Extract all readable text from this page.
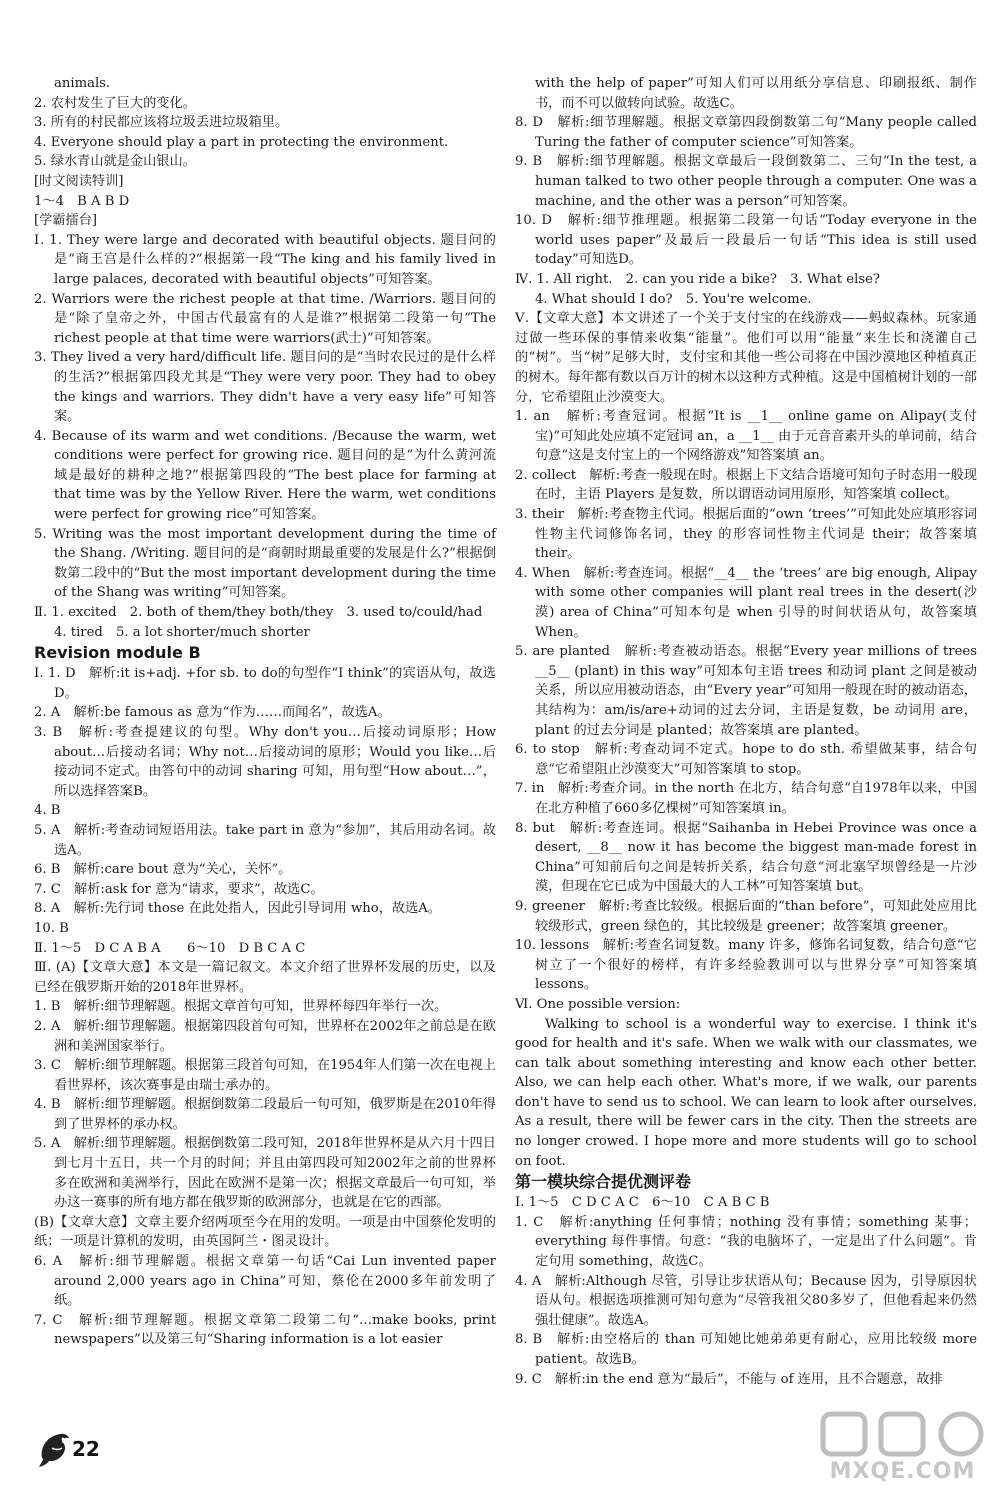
animals.

2. 农村发生了巨大的变化。

3. 所有的村民都应该将垃圾丢进垃圾箱里。

4. Everyone should play a part in protecting the environment.

5. 绿水青山就是金山银山。

[时文阅读特训]

1～4　B A B D

[学霸擂台]

Ⅰ. 1. They were large and decorated with beautiful objects. 题目问的是“商王宫是什么样的?”根据第一段“The king and his family lived in large palaces, decorated with beautiful objects”可知答案。

2. Warriors were the richest people at that time. /Warriors. 题目问的是“除了皇帝之外，中国古代最富有的人是谁?”根据第二段第一句“The richest people at that time were warriors(武士)”可知答案。

3. They lived a very hard/difficult life. 题目问的是“当时农民过的是什么样的生活?”根据第四段尤其是“They were very poor. They had to obey the kings and warriors. They didn't have a very easy life”可知答案。

4. Because of its warm and wet conditions. /Because the warm, wet conditions were perfect for growing rice. 题目问的是“为什么黄河流域是最好的耕种之地?”根据第四段的“The best place for farming at that time was by the Yellow River. Here the warm, wet conditions were perfect for growing rice”可知答案。

5. Writing was the most important development during the time of the Shang. /Writing. 题目问的是“商朝时期最重要的发展是什么?”根据倒数第二段中的“But the most important development during the time of the Shang was writing”可知答案。

Ⅱ. 1. excited　2. both of them/they both/they　3. used to/could/had

4. tired　5. a lot shorter/much shorter

Revision module B

Ⅰ. 1. D　解析:it is+adj. +for sb. to do的句型作“I think”的宾语从句，故选D。

2. A　解析:be famous as 意为“作为……而闻名”，故选A。

3. B　解析:考查提建议的句型。Why don't you…后接动词原形；How about…后接动名词；Why not…后接动词的原形；Would you like…后接动词不定式。由答句中的动词 sharing 可知，用句型“How about…”，所以选择答案B。

4. B

5. A　解析:考查动词短语用法。take part in 意为“参加”，其后用动名词。故选A。

6. B　解析:care bout 意为“关心，关怀”。

7. C　解析:ask for 意为“请求，要求”，故选C。

8. A　解析:先行词 those 在此处指人，因此引导词用 who，故选A。

10. B

Ⅱ. 1～5　D C A B A　　6～10　D B C A C

Ⅲ. (A)【文章大意】本文是一篇记叙文。本文介绍了世界杯发展的历史，以及已经在俄罗斯开始的2018年世界杯。

1. B　解析:细节理解题。根据文章首句可知，世界杯每四年举行一次。

2. A　解析:细节理解题。根据第四段首句可知，世界杯在2002年之前总是在欧洲和美洲国家举行。

3. C　解析:细节理解题。根据第三段首句可知，在1954年人们第一次在电视上看世界杯，该次赛事是由瑞士承办的。

4. B　解析:细节理解题。根据倒数第二段最后一句可知，俄罗斯是在2010年得到了世界杯的承办权。

5. A　解析:细节理解题。根据倒数第二段可知，2018年世界杯是从六月十四日到七月十五日，共一个月的时间；并且由第四段可知2002年之前的世界杯多在欧洲和美洲举行，因此在欧洲不是第一次；根据文章最后一句可知，举办这一赛事的所有地方都在俄罗斯的欧洲部分，也就是在它的西部。

(B)【文章大意】文章主要介绍两项至今在用的发明。一项是由中国蔡伦发明的纸；一项是计算机的发明，由英国阿兰・图灵设计。

6. A　解析:细节理解题。根据文章第一句话“Cai Lun invented paper around 2,000 years ago in China”可知，蔡伦在2000多年前发明了纸。

7. C　解析:细节理解题。根据文章第二段第二句“…make books, print newspapers”以及第三句“Sharing information is a lot easier

with the help of paper”可知人们可以用纸分享信息、印刷报纸、制作书，而不可以做转向试验。故选C。

8. D　解析:细节理解题。根据文章第四段倒数第二句“Many people called Turing the father of computer science”可知答案。

9. B　解析:细节理解题。根据文章最后一段倒数第二、三句“In the test, a human talked to two other people through a computer. One was a machine, and the other was a person”可知答案。

10. D　解析:细节推理题。根据第二段第一句话“Today everyone in the world uses paper”及最后一段最后一句话“This idea is still used today”可知选D。

Ⅳ. 1. All right.　2. can you ride a bike?　3. What else?

4. What should I do?　5. You're welcome.

Ⅴ.【文章大意】本文讲述了一个关于支付宝的在线游戏——蚂蚁森林。玩家通过做一些环保的事情来收集“能量”。他们可以用“能量”来生长和浇灌自己的“树”。当“树”足够大时，支付宝和其他一些公司将在中国沙漠地区种植真正的树木。每年都有数以百万计的树木以这种方式种植。这是中国植树计划的一部分，它希望阻止沙漠变大。

1. an　解析:考查冠词。根据“It is __1__ online game on Alipay(支付宝)”可知此处应填不定冠词 an，a __1__ 由于元音音素开头的单词前，结合句意“这是支付宝上的一个网络游戏”知答案填 an。

2. collect　解析:考查一般现在时。根据上下文结合语境可知句子时态用一般现在时，主语 Players 是复数，所以谓语动词用原形，知答案填 collect。

3. their　解析:考查物主代词。根据后面的“own ‘trees’”可知此处应填形容词性物主代词修饰名词，they 的形容词性物主代词是 their；故答案填 their。

4. When　解析:考查连词。根据“__4__ the ‘trees’ are big enough, Alipay with some other companies will plant real trees in the desert(沙漠) area of China”可知本句是 when 引导的时间状语从句，故答案填 When。

5. are planted　解析:考查被动语态。根据“Every year millions of trees __5__ (plant) in this way”可知本句主语 trees 和动词 plant 之间是被动关系，所以应用被动语态，由“Every year”可知用一般现在时的被动语态，其结构为：am/is/are+动词的过去分词，主语是复数，be 动词用 are，plant 的过去分词是 planted；故答案填 are planted。

6. to stop　解析:考查动词不定式。hope to do sth. 希望做某事，结合句意“它希望阻止沙漠变大”可知答案填 to stop。

7. in　解析:考查介词。in the north 在北方，结合句意“自1978年以来，中国在北方种植了660多亿棵树”可知答案填 in。

8. but　解析:考查连词。根据“Saihanba in Hebei Province was once a desert, __8__ now it has become the biggest man-made forest in China”可知前后句之间是转折关系，结合句意“河北塞罕坝曾经是一片沙漠，但现在它已成为中国最大的人工林”可知答案填 but。

9. greener　解析:考查比较级。根据后面的“than before”，可知此处应用比较级形式，green 绿色的，其比较级是 greener；故答案填 greener。

10. lessons　解析:考查名词复数。many 许多，修饰名词复数，结合句意“它树立了一个很好的榜样，有许多经验教训可以与世界分享”可知答案填 lessons。

Ⅵ. One possible version:

Walking to school is a wonderful way to exercise. I think it's good for health and it's safe. When we walk with our classmates, we can talk about something interesting and know each other better. Also, we can help each other. What's more, if we walk, our parents don't have to send us to school. We can learn to look after ourselves. As a result, there will be fewer cars in the city. Then the streets are no longer crowed. I hope more and more students will go to school on foot.

第一模块综合提优测评卷

Ⅰ. 1～5　C D C A C　6～10　C A B C B

1. C　解析:anything 任何事情；nothing 没有事情；something 某事；everything 每件事情。句意：“我的电脑坏了，一定是出了什么问题”。肯定句用 something，故选C。

4. A　解析:Although 尽管，引导让步状语从句；Because 因为，引导原因状语从句。根据选项推测可知句意为“尽管我祖父80多岁了，但他看起来仍然强壮健康”。故选A。

8. B　解析:由空格后的 than 可知她比她弟弟更有耐心，应用比较级 more patient。故选B。

9. C　解析:in the end 意为“最后”，不能与 of 连用，且不合题意，故排

22
MXQE.COM
